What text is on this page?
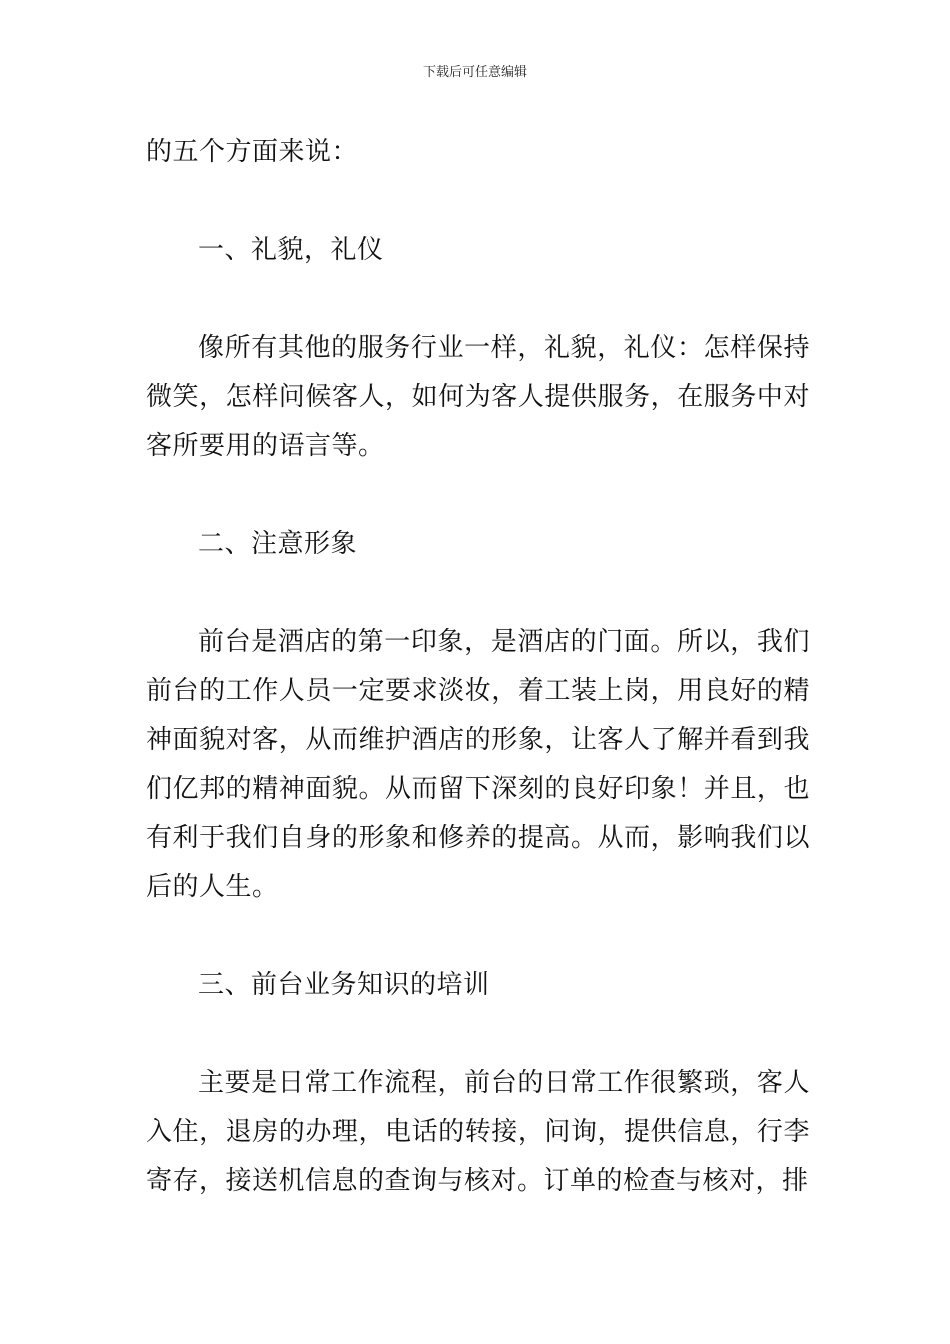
下载后可任意编辑

的五个方面来说：

一、礼貌，礼仪

像所有其他的服务行业一样，礼貌，礼仪：怎样保持微笑，怎样问候客人，如何为客人提供服务，在服务中对客所要用的语言等。

二、注意形象

前台是酒店的第一印象，是酒店的门面。所以，我们前台的工作人员一定要求淡妆，着工装上岗，用良好的精神面貌对客，从而维护酒店的形象，让客人了解并看到我们亿邦的精神面貌。从而留下深刻的良好印象！并且，也有利于我们自身的形象和修养的提高。从而，影响我们以后的人生。

三、前台业务知识的培训

主要是日常工作流程，前台的日常工作很繁琐，客人入住，退房的办理，电话的转接，问询，提供信息，行李寄存，接送机信息的查询与核对。订单的检查与核对，排
